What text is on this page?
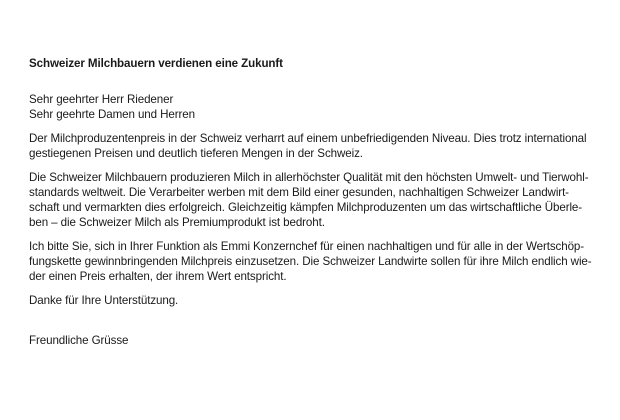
Schweizer Milchbauern verdienen eine Zukunft
Sehr geehrter Herr Riedener
Sehr geehrte Damen und Herren
Der Milchproduzentenpreis in der Schweiz verharrt auf einem unbefriedigenden Niveau. Dies trotz international
gestiegenen Preisen und deutlich tieferen Mengen in der Schweiz.
Die Schweizer Milchbauern produzieren Milch in allerhöchster Qualität mit den höchsten Umwelt- und Tierwohl-
standards weltweit. Die Verarbeiter werben mit dem Bild einer gesunden, nachhaltigen Schweizer Landwirt-
schaft und vermarkten dies erfolgreich. Gleichzeitig kämpfen Milchproduzenten um das wirtschaftliche Überle-
ben – die Schweizer Milch als Premiumprodukt ist bedroht.
Ich bitte Sie, sich in Ihrer Funktion als Emmi Konzernchef für einen nachhaltigen und für alle in der Wertschöp-
fungskette gewinnbringenden Milchpreis einzusetzen. Die Schweizer Landwirte sollen für ihre Milch endlich wie-
der einen Preis erhalten, der ihrem Wert entspricht.
Danke für Ihre Unterstützung.
Freundliche Grüsse
